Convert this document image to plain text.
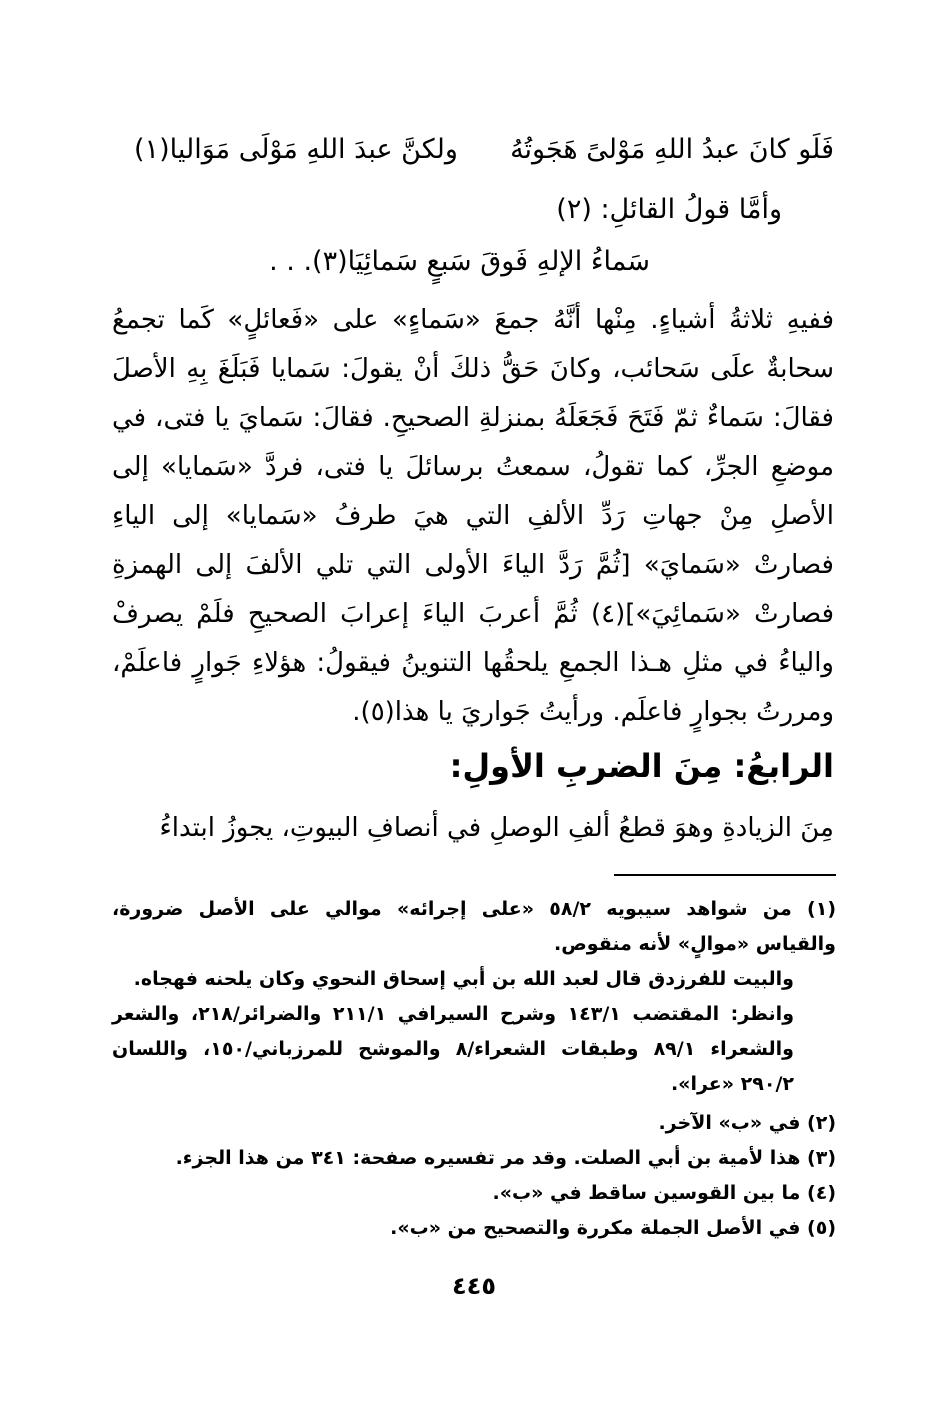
فَلَو كانَ عبدُ اللهِ مَوْلىً هَجَوتُهُ
ولكنَّ عبدَ اللهِ مَوْلَى مَوَاليا(١)
وأمَّا قولُ القائلِ: (٢)
سَماءُ الإلهِ فَوقَ سَبعٍ سَمائِيَا(٣). . .

ففيهِ ثلاثةُ أشياءٍ. مِنْها أنَّهُ جمعَ «سَماءٍ» على «فَعائلٍ» كَما تجمعُ سحابةٌ علَى سَحائب، وكانَ حَقُّ ذلكَ أنْ يقولَ: سَمايا فَبَلَغَ بِهِ الأصلَ فقالَ: سَماءٌ ثمّ فَتَحَ فَجَعَلَهُ بمنزلةِ الصحيحِ. فقالَ: سَمايَ يا فتى، في موضعِ الجرِّ، كما تقولُ، سمعتُ برسائلَ يا فتى، فردَّ «سَمايا» إلى الأصلِ مِنْ جهاتِ رَدِّ الألفِ التي هيَ طرفُ «سَمايا» إلى الياءِ فصارتْ «سَمايَ» [ثُمَّ رَدَّ الياءَ الأولى التي تلي الألفَ إلى الهمزةِ فصارتْ «سَمائِيَ»](٤) ثُمَّ أعربَ الياءَ إعرابَ الصحيحِ فلَمْ يصرفْ والياءُ في مثلِ هـذا الجمعِ يلحقُها التنوينُ فيقولُ: هؤلاءِ جَوارٍ فاعلَمْ، ومررتُ بجوارٍ فاعلَم. ورأيتُ جَواريَ يا هذا(٥).

الرابعُ: مِنَ الضربِ الأولِ:
مِنَ الزيادةِ وهوَ قطعُ ألفِ الوصلِ في أنصافِ البيوتِ، يجوزُ ابتداءُ

(١) من شواهد سيبويه ٥٨/٢ «على إجرائه» موالي على الأصل ضرورة، والقياس «موالٍ» لأنه منقوص.

والبيت للفرزدق قال لعبد الله بن أبي إسحاق النحوي وكان يلحنه فهجاه.

وانظر: المقتضب ١٤٣/١ وشرح السيرافي ٢١١/١ والضرائر/٢١٨، والشعر والشعراء ٨٩/١ وطبقات الشعراء/٨ والموشح للمرزباني/١٥٠، واللسان ٢٩٠/٢ «عرا».

(٢) في «ب» الآخر.

(٣) هذا لأمية بن أبي الصلت. وقد مر تفسيره صفحة: ٣٤١ من هذا الجزء.

(٤) ما بين القوسين ساقط في «ب».

(٥) في الأصل الجملة مكررة والتصحيح من «ب».

٤٤٥
